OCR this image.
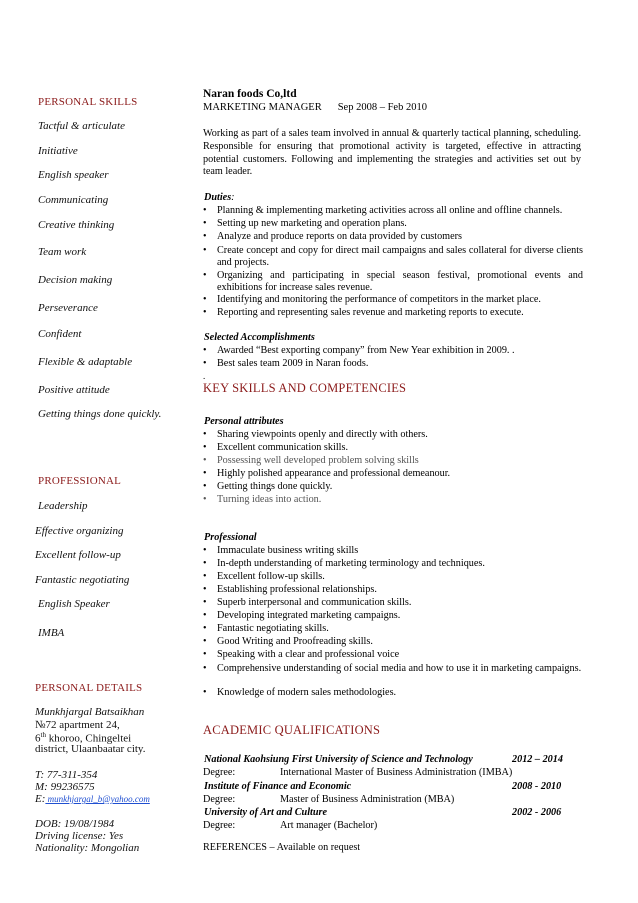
PERSONAL SKILLS
Tactful & articulate
Initiative
English speaker
Communicating
Creative thinking
Team work
Decision making
Perseverance
Confident
Flexible & adaptable
Positive attitude
Getting things done quickly.
PROFESSIONAL
Leadership
Effective organizing
Excellent follow-up
Fantastic negotiating
English Speaker
IMBA
PERSONAL DETAILS
Munkhjargal Batsaikhan
№72 apartment 24,
6th khoroo, Chingeltei
district, Ulaanbaatar city.
T: 77-311-354
M: 99236575
E: munkhjargal_b@yahoo.com
DOB: 19/08/1984
Driving license: Yes
Nationality: Mongolian
Naran foods Co,ltd
MARKETING MANAGER Sep 2008 – Feb 2010
Working as part of a sales team involved in annual & quarterly tactical planning, scheduling. Responsible for ensuring that promotional activity is targeted, effective in attracting potential customers. Following and implementing the strategies and activities set out by team leader.
Duties:
• Planning & implementing marketing activities across all online and offline channels.
• Setting up new marketing and operation plans.
• Analyze and produce reports on data provided by customers
• Create concept and copy for direct mail campaigns and sales collateral for diverse clients and projects.
• Organizing and participating in special season festival, promotional events and exhibitions for increase sales revenue.
• Identifying and monitoring the performance of competitors in the market place.
• Reporting and representing sales revenue and marketing reports to execute.
Selected Accomplishments
• Awarded “Best exporting company” from New Year exhibition in 2009. .
• Best sales team 2009 in Naran foods.
.
KEY SKILLS AND COMPETENCIES
Personal attributes
• Sharing viewpoints openly and directly with others.
• Excellent communication skills.
• Possessing well developed problem solving skills
• Highly polished appearance and professional demeanour.
• Getting things done quickly.
• Turning ideas into action.
Professional
• Immaculate business writing skills
• In-depth understanding of marketing terminology and techniques.
• Excellent follow-up skills.
• Establishing professional relationships.
• Superb interpersonal and communication skills.
• Developing integrated marketing campaigns.
• Fantastic negotiating skills.
• Good Writing and Proofreading skills.
• Speaking with a clear and professional voice
• Comprehensive understanding of social media and how to use it in marketing campaigns.
• Knowledge of modern sales methodologies.
ACADEMIC QUALIFICATIONS
National Kaohsiung First University of Science and Technology	2012 – 2014
Degree:	International Master of Business Administration (IMBA)
Institute of Finance and Economic	2008 - 2010
Degree:	Master of Business Administration (MBA)
University of Art and Culture	2002 - 2006
Degree:	Art manager (Bachelor)
REFERENCES – Available on request
